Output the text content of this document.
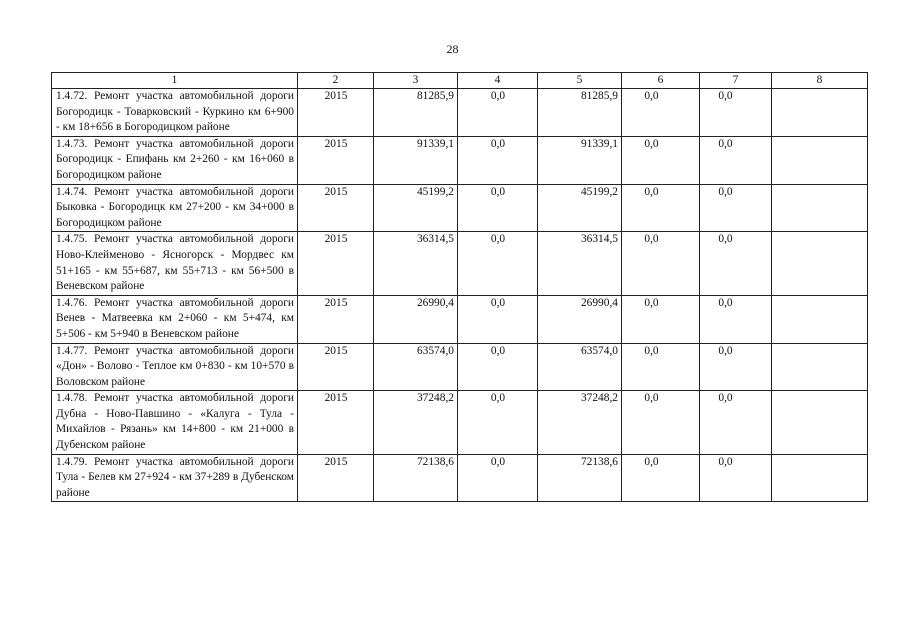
28
1	2	3	4	5	6	7	8
1.4.72. Ремонт участка автомобильной дороги Богородицк - Товарковский - Куркино км 6+900 - км 18+656 в Богородицком районе	2015	81285,9	0,0	81285,9	0,0	0,0	
1.4.73. Ремонт участка автомобильной дороги Богородицк - Епифань км 2+260 - км 16+060 в Богородицком районе	2015	91339,1	0,0	91339,1	0,0	0,0	
1.4.74. Ремонт участка автомобильной дороги Быковка - Богородицк км 27+200 - км 34+000 в Богородицком районе	2015	45199,2	0,0	45199,2	0,0	0,0	
1.4.75. Ремонт участка автомобильной дороги Ново-Клейменово - Ясногорск - Мордвес км 51+165 - км 55+687, км 55+713 - км 56+500 в Веневском районе	2015	36314,5	0,0	36314,5	0,0	0,0	
1.4.76. Ремонт участка автомобильной дороги Венев - Матвеевка км 2+060 - км 5+474, км 5+506 - км 5+940 в Веневском районе	2015	26990,4	0,0	26990,4	0,0	0,0	
1.4.77. Ремонт участка автомобильной дороги «Дон» - Волово - Теплое км 0+830 - км 10+570 в Воловском районе	2015	63574,0	0,0	63574,0	0,0	0,0	
1.4.78. Ремонт участка автомобильной дороги Дубна - Ново-Павшино - «Калуга - Тула - Михайлов - Рязань» км 14+800 - км 21+000 в Дубенском районе	2015	37248,2	0,0	37248,2	0,0	0,0	
1.4.79. Ремонт участка автомобильной дороги Тула - Белев км 27+924 - км 37+289 в Дубенском районе	2015	72138,6	0,0	72138,6	0,0	0,0	
